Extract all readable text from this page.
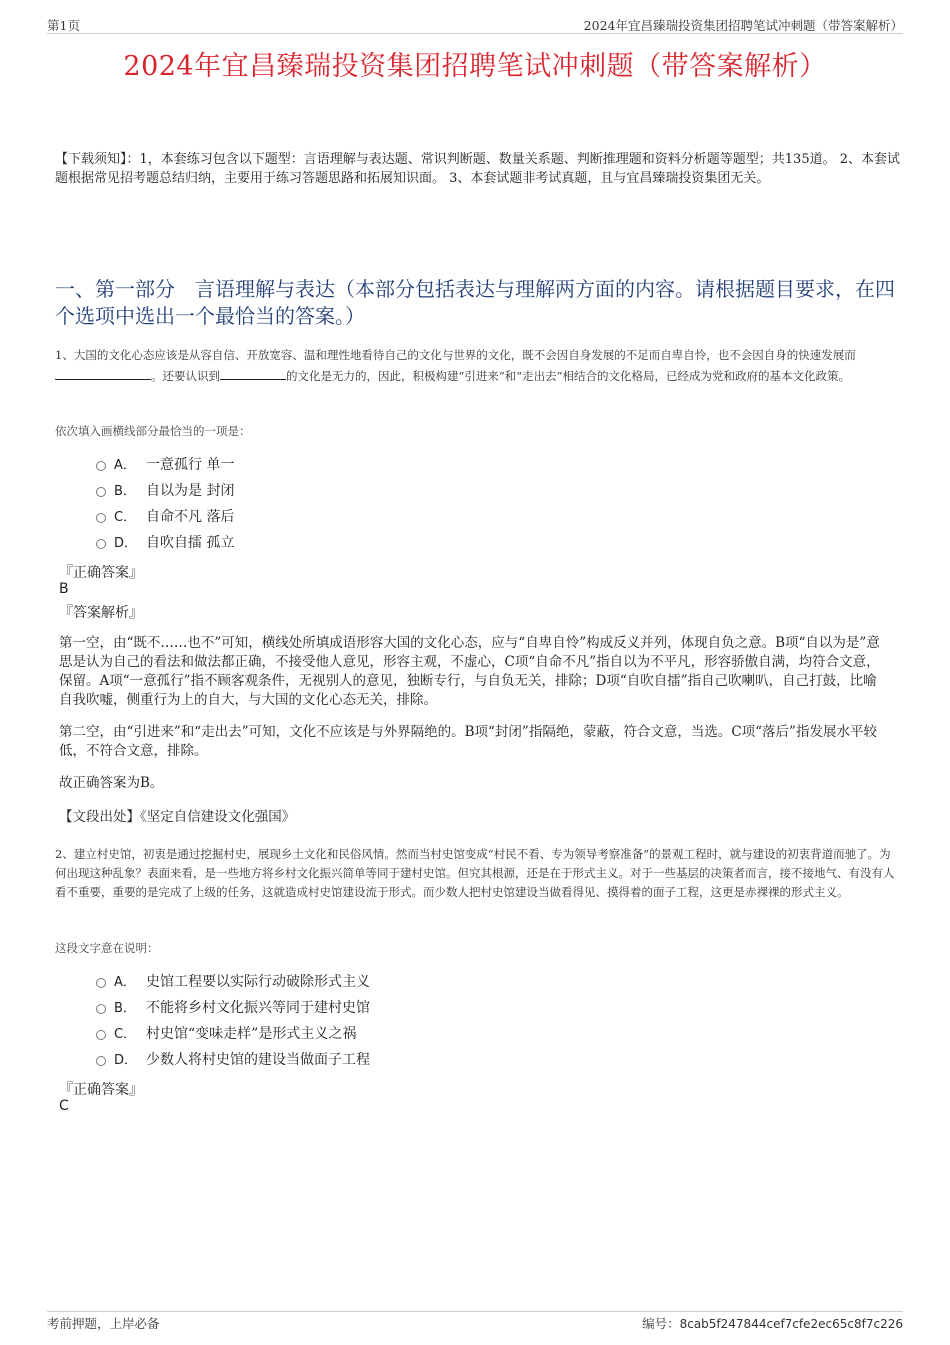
第1页	2024年宜昌臻瑞投资集团招聘笔试冲刺题（带答案解析）
2024年宜昌臻瑞投资集团招聘笔试冲刺题（带答案解析）
【下载须知】：1，本套练习包含以下题型：言语理解与表达题、常识判断题、数量关系题、判断推理题和资料分析题等题型；共135道。 2、本套试题根据常见招考题总结归纳，主要用于练习答题思路和拓展知识面。 3、本套试题非考试真题，且与宜昌臻瑞投资集团无关。
一、第一部分　言语理解与表达（本部分包括表达与理解两方面的内容。请根据题目要求，在四个选项中选出一个最恰当的答案。）
1、大国的文化心态应该是从容自信、开放宽容、温和理性地看待自己的文化与世界的文化，既不会因自身发展的不足而自卑自怜，也不会因自身的快速发展而。还要认识到	的文化是无力的，因此，积极构建“引进来”和“走出去”相结合的文化格局，已经成为党和政府的基本文化政策。
依次填入画横线部分最恰当的一项是：
A． 一意孤行 单一
B． 自以为是 封闭
C． 自命不凡 落后
D． 自吹自擂 孤立
『正确答案』
B
『答案解析』
第一空，由“既不……也不”可知，横线处所填成语形容大国的文化心态，应与“自卑自怜”构成反义并列，体现自负之意。B项“自以为是”意思是认为自己的看法和做法都正确，不接受他人意见，形容主观，不虚心，C项“自命不凡”指自以为不平凡，形容骄傲自满，均符合文意，保留。A项“一意孤行”指不顾客观条件，无视别人的意见，独断专行，与自负无关，排除；D项“自吹自擂”指自己吹喇叭，自己打鼓，比喻自我吹嘘，侧重行为上的自大，与大国的文化心态无关，排除。
第二空，由“引进来”和“走出去”可知，文化不应该是与外界隔绝的。B项“封闭”指隔绝，蒙蔽，符合文意，当选。C项“落后”指发展水平较低，不符合文意，排除。
故正确答案为B。
【文段出处】《坚定自信建设文化强国》
2、建立村史馆，初衷是通过挖掘村史，展现乡土文化和民俗风情。然而当村史馆变成“村民不看、专为领导考察准备”的景观工程时，就与建设的初衷背道而驰了。为何出现这种乱象？表面来看，是一些地方将乡村文化振兴简单等同于建村史馆。但究其根源，还是在于形式主义。对于一些基层的决策者而言，接不接地气、有没有人看不重要，重要的是完成了上级的任务，这就造成村史馆建设流于形式。而少数人把村史馆建设当做看得见、摸得着的面子工程，这更是赤裸裸的形式主义。
这段文字意在说明：
A． 史馆工程要以实际行动破除形式主义
B． 不能将乡村文化振兴等同于建村史馆
C． 村史馆“变味走样”是形式主义之祸
D． 少数人将村史馆的建设当做面子工程
『正确答案』
C
考前押题，上岸必备	编号：8cab5f247844cef7cfe2ec65c8f7c226
